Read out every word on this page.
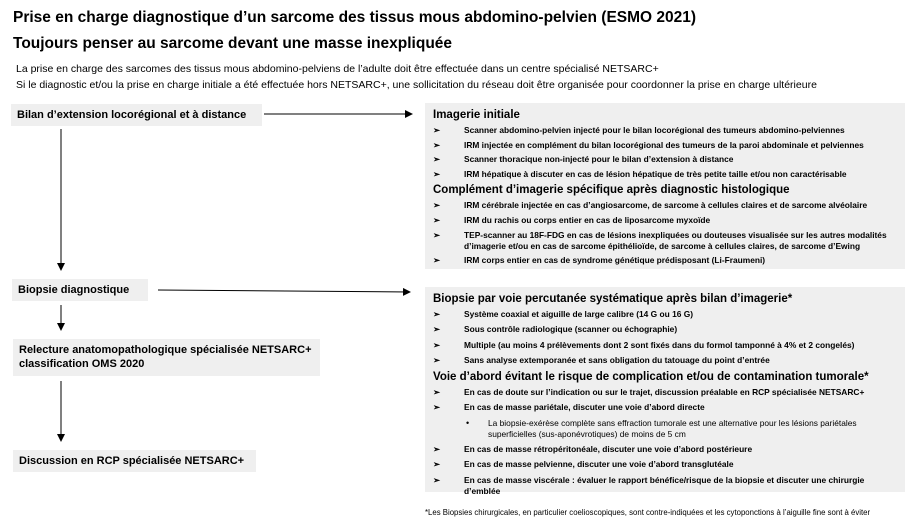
Prise en charge diagnostique d’un sarcome des tissus mous abdomino-pelvien (ESMO 2021)
Toujours penser au sarcome devant une masse inexpliquée
La prise en charge des sarcomes des tissus mous abdomino-pelviens de l’adulte doit être effectuée dans un centre spécialisé NETSARC+
Si le diagnostic et/ou la prise en charge initiale a été effectuée hors NETSARC+, une sollicitation du réseau doit être organisée pour coordonner la prise en charge ultérieure
Bilan d’extension locorégional et à distance
Biopsie diagnostique
Relecture anatomopathologique spécialisée NETSARC+
classification OMS 2020
Discussion en RCP spécialisée NETSARC+
Imagerie initiale
➢	Scanner abdomino-pelvien injecté pour le bilan locorégional des tumeurs abdomino-pelviennes
➢	IRM injectée en complément du bilan locorégional des tumeurs de la paroi abdominale et pelviennes
➢	Scanner thoracique non-injecté pour le bilan d’extension à distance
➢	IRM hépatique à discuter en cas de lésion hépatique de très petite taille et/ou non caractérisable
Complément d’imagerie spécifique après diagnostic histologique
➢	IRM cérébrale injectée en cas d’angiosarcome, de sarcome à cellules claires et de sarcome alvéolaire
➢	IRM du rachis ou corps entier en cas de liposarcome myxoïde
➢	TEP-scanner au 18F-FDG en cas de lésions inexpliquées ou douteuses visualisée sur les autres modalités d’imagerie et/ou en cas de sarcome épithélioïde, de sarcome à cellules claires, de sarcome d’Ewing
➢	IRM corps entier en cas de syndrome génétique prédisposant (Li-Fraumeni)
Biopsie par voie percutanée systématique après bilan d’imagerie*
➢	Système coaxial et aiguille de large calibre (14 G ou 16 G)
➢	Sous contrôle radiologique (scanner ou échographie)
➢	Multiple (au moins 4 prélèvements dont 2 sont fixés dans du formol tamponné à 4% et 2 congelés)
➢	Sans analyse extemporanée et sans obligation du tatouage du point d’entrée
Voie d’abord évitant le risque de complication et/ou de contamination tumorale*
➢	En cas de doute sur l’indication ou sur le trajet, discussion préalable en RCP spécialisée NETSARC+
➢	En cas de masse pariétale, discuter une voie d’abord directe
• La biopsie-exérèse complète sans effraction tumorale est une alternative pour les lésions pariétales superficielles (sus-aponévrotiques) de moins de 5 cm
➢	En cas de masse rétropéritonéale, discuter une voie d’abord postérieure
➢	En cas de masse pelvienne, discuter une voie d’abord transglutéale
➢	En cas de masse viscérale : évaluer le rapport bénéfice/risque de la biopsie et discuter une chirurgie d’emblée
*Les Biopsies chirurgicales, en particulier coelioscopiques, sont contre-indiquées et les cytoponctions à l’aiguille fine sont à éviter
